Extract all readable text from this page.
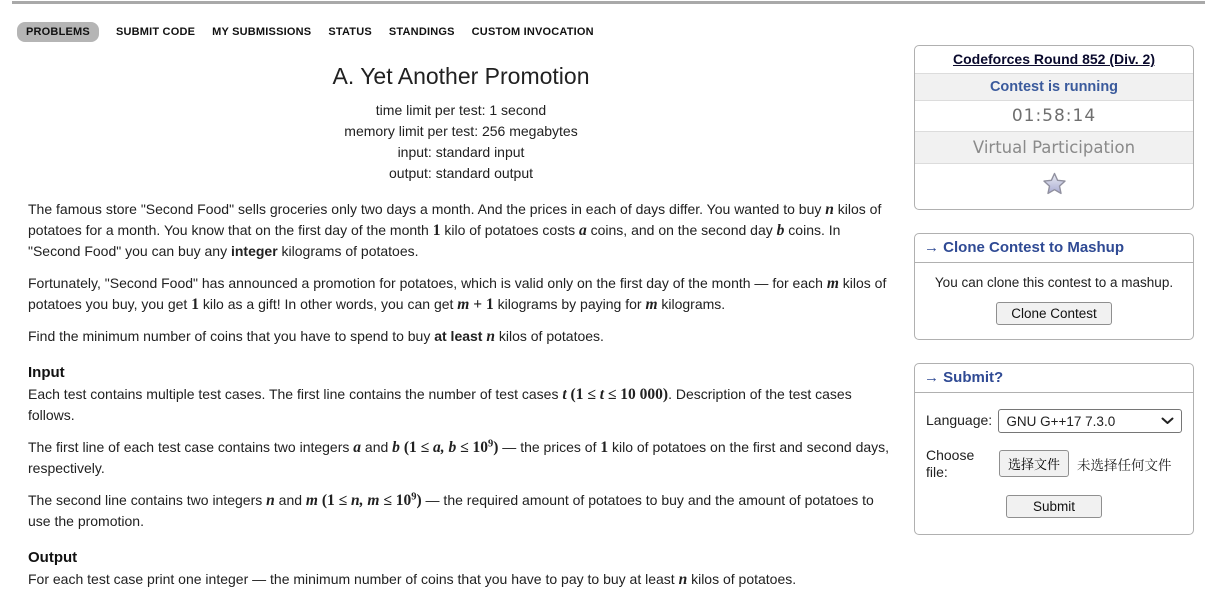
PROBLEMS	SUBMIT CODE MY SUBMISSIONS STATUS STANDINGS CUSTOM INVOCATION
A. Yet Another Promotion
time limit per test: 1 second
memory limit per test: 256 megabytes
input: standard input
output: standard output

The famous store "Second Food" sells groceries only two days a month. And the prices in each of days differ. You wanted to buy n kilos of potatoes for a month. You know that on the first day of the month 1 kilo of potatoes costs a coins, and on the second day b coins. In "Second Food" you can buy any integer kilograms of potatoes.

Fortunately, "Second Food" has announced a promotion for potatoes, which is valid only on the first day of the month — for each m kilos of potatoes you buy, you get 1 kilo as a gift! In other words, you can get m + 1 kilograms by paying for m kilograms.

Find the minimum number of coins that you have to spend to buy at least n kilos of potatoes.

Input

Each test contains multiple test cases. The first line contains the number of test cases t (1 ≤ t ≤ 10 000). Description of the test cases follows.

The first line of each test case contains two integers a and b (1 ≤ a, $b \le 10^9$) — the prices of 1 kilo of potatoes on the first and second days, respectively.

The second line contains two integers n and m (1 ≤ n, $m \le 10^9$) — the required amount of potatoes to buy and the amount of potatoes to use the promotion.

Output

For each test case print one integer — the minimum number of coins that you have to pay to buy at least n kilos of potatoes.

Codeforces Round 852 (Div. 2)
Contest is running
01:58:14
Virtual Participation
→ Clone Contest to Mashup
You can clone this contest to a mashup.
Clone Contest
→ Submit?
Language:	GNU G++17 7.3.0
Choose file:	选择文件	未选择任何文件
Submit
